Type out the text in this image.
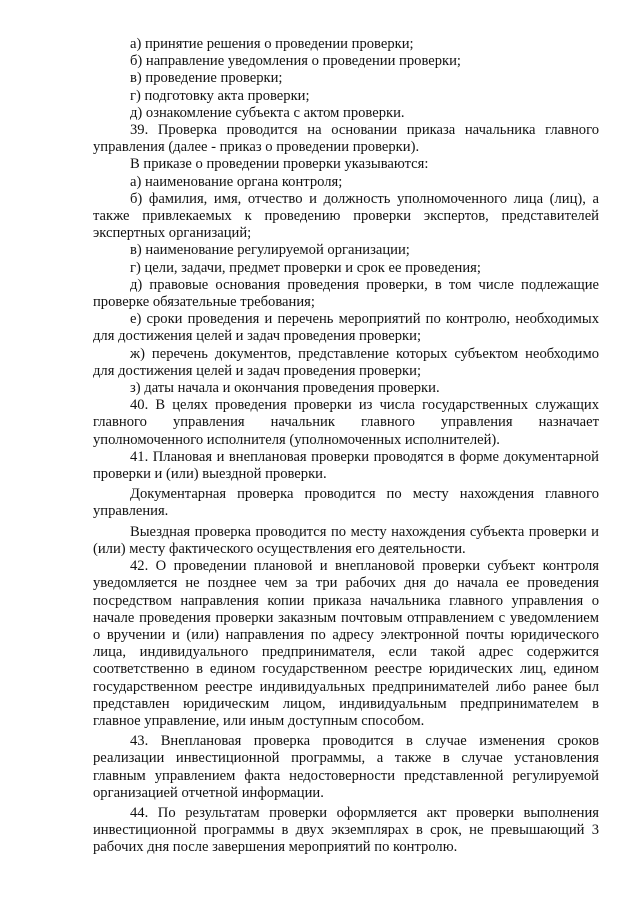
а) принятие решения о проведении проверки;

б) направление уведомления о проведении проверки;

в) проведение проверки;

г) подготовку акта проверки;

д) ознакомление субъекта с актом проверки.

39. Проверка проводится на основании приказа начальника главного управления (далее - приказ о проведении проверки).

В приказе о проведении проверки указываются:

а) наименование органа контроля;

б) фамилия, имя, отчество и должность уполномоченного лица (лиц), а также привлекаемых к проведению проверки экспертов, представителей экспертных организаций;

в) наименование регулируемой организации;

г) цели, задачи, предмет проверки и срок ее проведения;

д) правовые основания проведения проверки, в том числе подлежащие проверке обязательные требования;

е) сроки проведения и перечень мероприятий по контролю, необходимых для достижения целей и задач проведения проверки;

ж) перечень документов, представление которых субъектом необходимо для достижения целей и задач проведения проверки;

з) даты начала и окончания проведения проверки.

40. В целях проведения проверки из числа государственных служащих главного управления начальник главного управления назначает уполномоченного исполнителя (уполномоченных исполнителей).

41. Плановая и внеплановая проверки проводятся в форме документарной проверки и (или) выездной проверки.

Документарная проверка проводится по месту нахождения главного управления.

Выездная проверка проводится по месту нахождения субъекта проверки и (или) месту фактического осуществления его деятельности.

42. О проведении плановой и внеплановой проверки субъект контроля уведомляется не позднее чем за три рабочих дня до начала ее проведения посредством направления копии приказа начальника главного управления о начале проведения проверки заказным почтовым отправлением с уведомлением о вручении и (или) направления по адресу электронной почты юридического лица, индивидуального предпринимателя, если такой адрес содержится соответственно в едином государственном реестре юридических лиц, едином государственном реестре индивидуальных предпринимателей либо ранее был представлен юридическим лицом, индивидуальным предпринимателем в главное управление, или иным доступным способом.

43. Внеплановая проверка проводится в случае изменения сроков реализации инвестиционной программы, а также в случае установления главным управлением факта недостоверности представленной регулируемой организацией отчетной информации.

44. По результатам проверки оформляется акт проверки выполнения инвестиционной программы в двух экземплярах в срок, не превышающий 3 рабочих дня после завершения мероприятий по контролю.
